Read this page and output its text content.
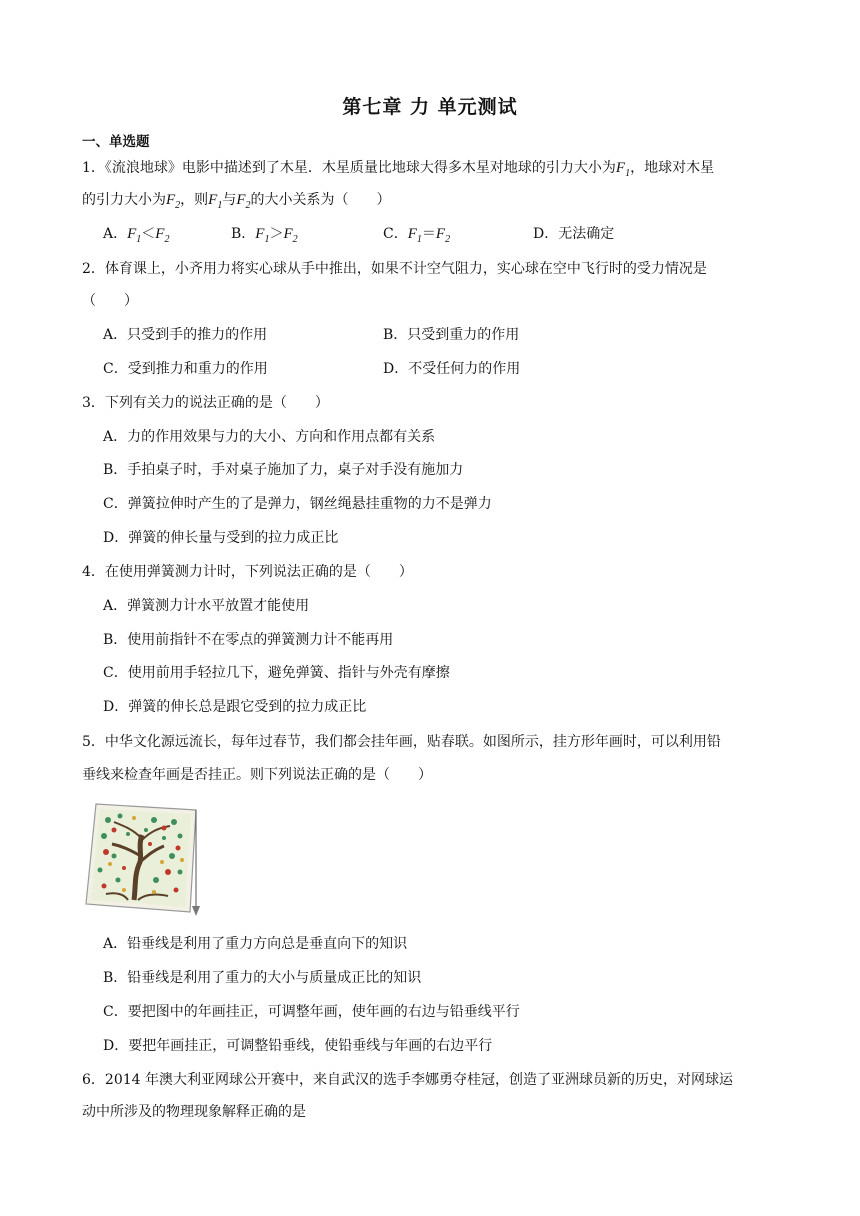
第七章 力 单元测试
一、单选题
1．《流浪地球》电影中描述到了木星．木星质量比地球大得多木星对地球的引力大小为$F_1$，地球对木星
的引力大小为$F_2$，则$F_1$与$F_2$的大小关系为（　　）
A．$F_1<F_2$	B．$F_1>F_2$	C．$F_1=F_2$	D．无法确定
2．体育课上，小齐用力将实心球从手中推出，如果不计空气阻力，实心球在空中飞行时的受力情况是
（　　）
A．只受到手的推力的作用	B．只受到重力的作用
C．受到推力和重力的作用	D．不受任何力的作用
3．下列有关力的说法正确的是（　　）
A．力的作用效果与力的大小、方向和作用点都有关系
B．手拍桌子时，手对桌子施加了力，桌子对手没有施加力
C．弹簧拉伸时产生的了是弹力，钢丝绳悬挂重物的力不是弹力
D．弹簧的伸长量与受到的拉力成正比
4．在使用弹簧测力计时，下列说法正确的是（　　）
A．弹簧测力计水平放置才能使用
B．使用前指针不在零点的弹簧测力计不能再用
C．使用前用手轻拉几下，避免弹簧、指针与外壳有摩擦
D．弹簧的伸长总是跟它受到的拉力成正比
5．中华文化源远流长，每年过春节，我们都会挂年画，贴春联。如图所示，挂方形年画时，可以利用铅
垂线来检查年画是否挂正。则下列说法正确的是（　　）
A．铅垂线是利用了重力方向总是垂直向下的知识
B．铅垂线是利用了重力的大小与质量成正比的知识
C．要把图中的年画挂正，可调整年画，使年画的右边与铅垂线平行
D．要把年画挂正，可调整铅垂线，使铅垂线与年画的右边平行
6．2014 年澳大利亚网球公开赛中，来自武汉的选手李娜勇夺桂冠，创造了亚洲球员新的历史，对网球运
动中所涉及的物理现象解释正确的是
